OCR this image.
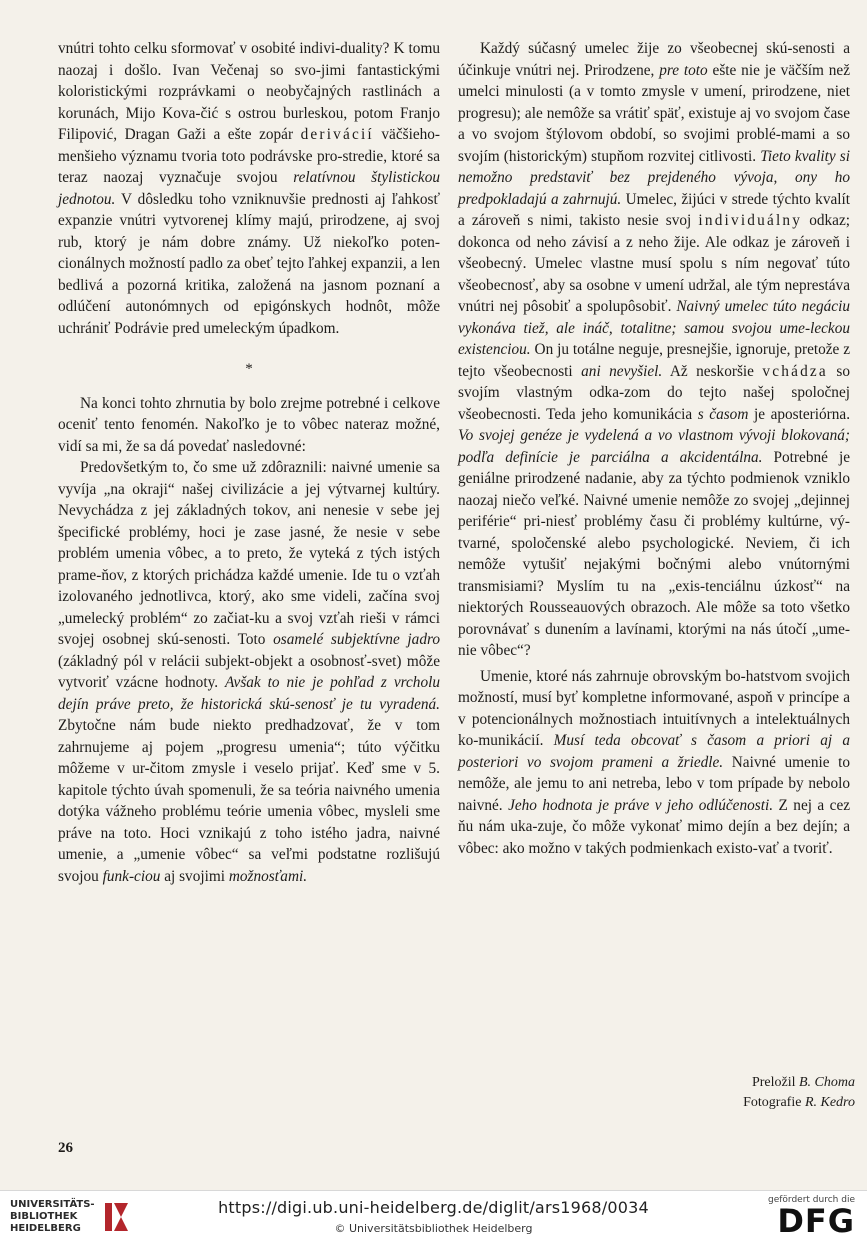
vnútri tohto celku sformovať v osobité indivi-duality? K tomu naozaj i došlo. Ivan Večenaj so svo-jimi fantastickými koloristickými rozprávkami o neobyčajných rastlinách a korunách, Mijo Kova-čić s ostrou burleskou, potom Franjo Filipović, Dragan Gaži a ešte zopár derivácií väčšieho-menšieho významu tvoria toto podrávske pro-stredie, ktoré sa teraz naozaj vyznačuje svojou relatívnou štylistickou jednotou. V dôsledku toho vzniknuvšie prednosti aj ľahkosť expanzie vnútri vytvorenej klímy majú, prirodzene, aj svoj rub, ktorý je nám dobre známy. Už niekoľko poten-cionálnych možností padlo za obeť tejto ľahkej expanzii, a len bedlivá a pozorná kritika, založená na jasnom poznaní a odlúčení autonómnych od epigónskych hodnôt, môže uchrániť Podrávie pred umeleckým úpadkom.

*

Na konci tohto zhrnutia by bolo zrejme potrebné i celkove oceniť tento fenomén. Nakoľko je to vôbec nateraz možné, vidí sa mi, že sa dá povedať nasledovné:

Predovšetkým to, čo sme už zdôraznili: naivné umenie sa vyvíja „na okraji“ našej civilizácie a jej výtvarnej kultúry. Nevychádza z jej základných tokov, ani nenesie v sebe jej špecifické problémy, hoci je zase jasné, že nesie v sebe problém umenia vôbec, a to preto, že vyteká z tých istých prame-ňov, z ktorých prichádza každé umenie. Ide tu o vzťah izolovaného jednotlivca, ktorý, ako sme videli, začína svoj „umelecký problém“ zo začiat-ku a svoj vzťah rieši v rámci svojej osobnej skú-senosti. Toto osamelé subjektívne jadro (základný pól v relácii subjekt-objekt a osobnosť-svet) môže vytvoriť vzácne hodnoty. Avšak to nie je pohľad z vrcholu dejín práve preto, že historická skú-senosť je tu vyradená. Zbytočne nám bude niekto predhadzovať, že v tom zahrnujeme aj pojem „progresu umenia“; túto výčitku môžeme v ur-čitom zmysle i veselo prijať. Keď sme v 5. kapitole týchto úvah spomenuli, že sa teória naivného umenia dotýka vážneho problému teórie umenia vôbec, mysleli sme práve na toto. Hoci vznikajú z toho istého jadra, naivné umenie, a „umenie vôbec“ sa veľmi podstatne rozlišujú svojou funk-ciou aj svojimi možnosťami.

Každý súčasný umelec žije zo všeobecnej skú-senosti a účinkuje vnútri nej. Prirodzene, pre toto ešte nie je väčším než umelci minulosti (a v tomto zmysle v umení, prirodzene, niet progresu); ale nemôže sa vrátiť späť, existuje aj vo svojom čase a vo svojom štýlovom období, so svojimi problé-mami a so svojím (historickým) stupňom rozvitej citlivosti. Tieto kvality si nemožno predstaviť bez prejdeného vývoja, ony ho predpokladajú a zahrnujú. Umelec, žijúci v strede týchto kvalít a zároveň s nimi, takisto nesie svoj individuálny odkaz; dokonca od neho závisí a z neho žije. Ale odkaz je zároveň i všeobecný. Umelec vlastne musí spolu s ním negovať túto všeobecnosť, aby sa osobne v umení udržal, ale tým neprestáva vnútri nej pôsobiť a spolupôsobiť. Naivný umelec túto negáciu vykonáva tiež, ale ináč, totalitne; samou svojou ume-leckou existenciou. On ju totálne neguje, presnejšie, ignoruje, pretože z tejto všeobecnosti ani nevyšiel. Až neskoršie vchádza so svojím vlastným odka-zom do tejto našej spoločnej všeobecnosti. Teda jeho komunikácia s časom je aposteriórna. Vo svojej genéze je vydelená a vo vlastnom vývoji blokovaná; podľa definície je parciálna a akcidentálna. Potrebné je geniálne prirodzené nadanie, aby za týchto podmienok vzniklo naozaj niečo veľké. Naivné umenie nemôže zo svojej „dejinnej periférie“ pri-niesť problémy času či problémy kultúrne, vý-tvarné, spoločenské alebo psychologické. Neviem, či ich nemôže vytušiť nejakými bočnými alebo vnútornými transmisiami? Myslím tu na „exis-tenciálnu úzkosť“ na niektorých Rousseauových obrazoch. Ale môže sa toto všetko porovnávať s dunením a lavínami, ktorými na nás útočí „ume-nie vôbec“?

Umenie, ktoré nás zahrnuje obrovským bo-hatstvom svojich možností, musí byť kompletne informované, aspoň v princípe a v potencionálnych možnostiach intuitívnych a intelektuálnych ko-munikácií. Musí teda obcovať s časom a priori aj a posteriori vo svojom prameni a žriedle. Naivné umenie to nemôže, ale jemu to ani netreba, lebo v tom prípade by nebolo naivné. Jeho hodnota je práve v jeho odlúčenosti. Z nej a cez ňu nám uka-zuje, čo môže vykonať mimo dejín a bez dejín; a vôbec: ako možno v takých podmienkach existo-vať a tvoriť.

Preložil B. Choma
Fotografie R. Kedro
26
UNIVERSITÄTS-
BIBLIOTHEK
HEIDELBERG
https://digi.ub.uni-heidelberg.de/diglit/ars1968/0034
© Universitätsbibliothek Heidelberg
gefördert durch die
DFG
